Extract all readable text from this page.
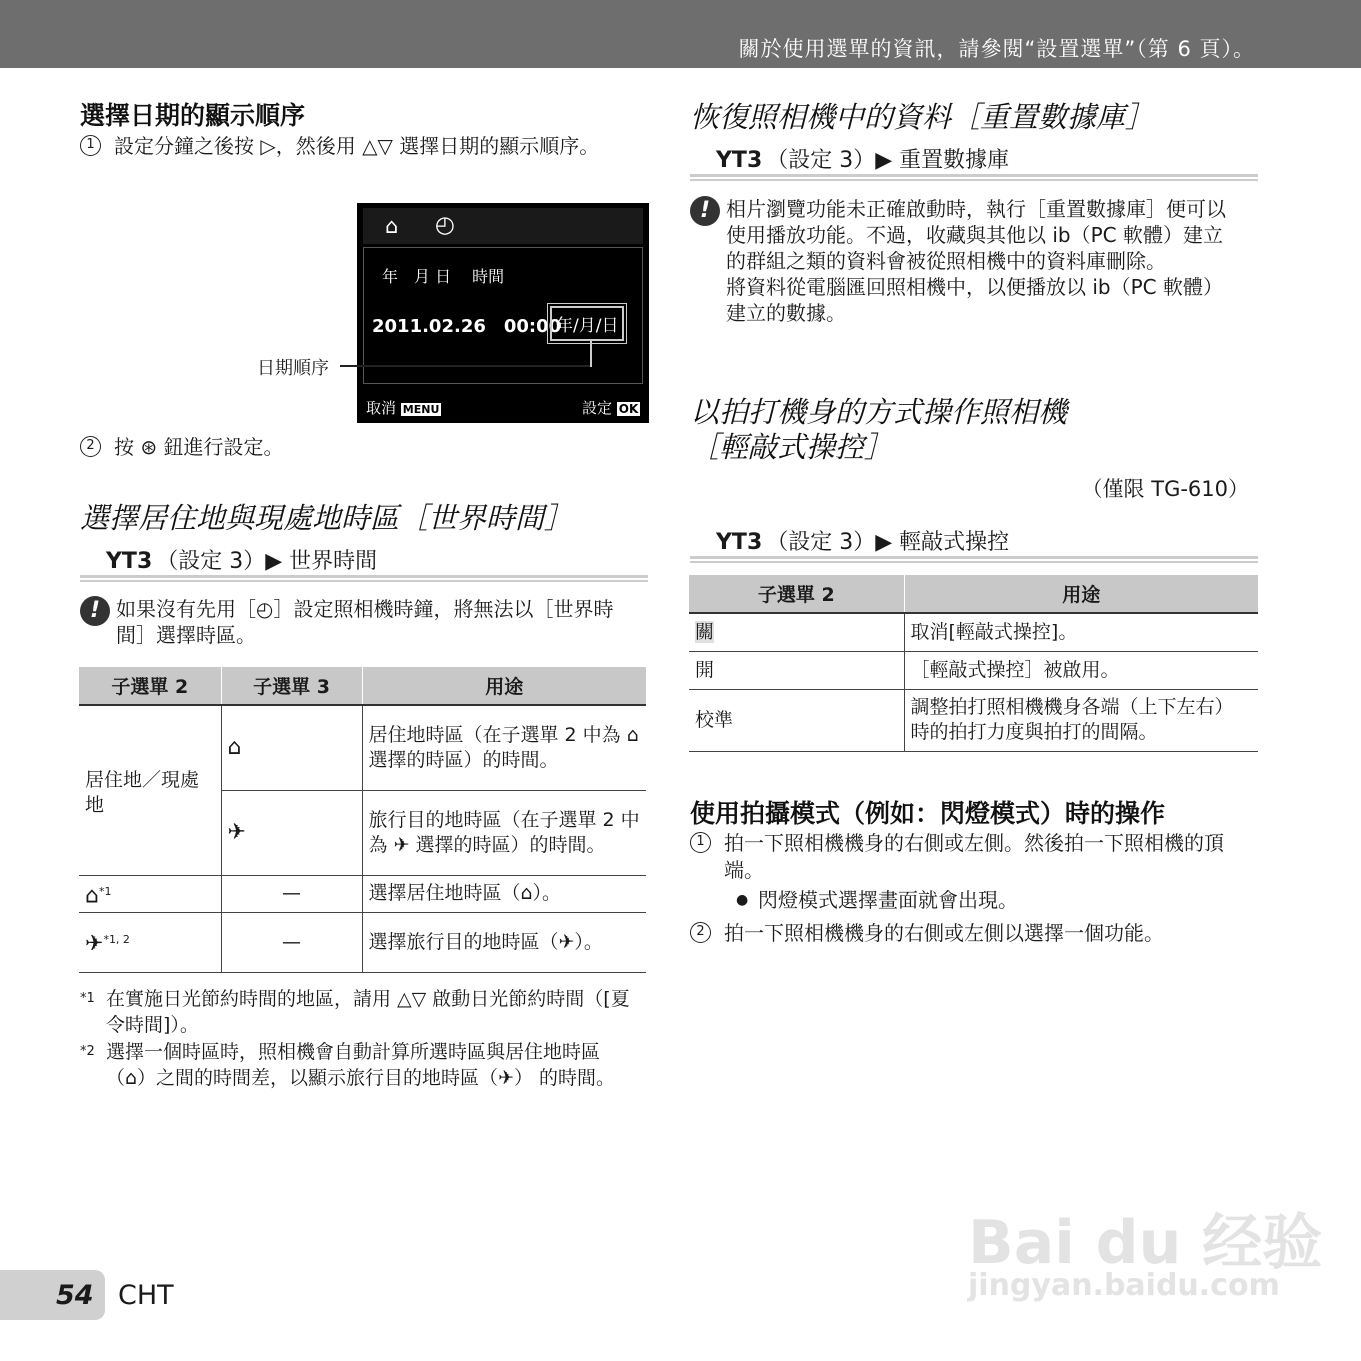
關於使用選單的資訊，請參閱“設置選單”（第 6 頁）。
選擇日期的顯示順序
1 設定分鐘之後按 ▷，然後用 △▽ 選擇日期的顯示順序。
⌂ ◴
年　月 日　 時間
2011.02.26　00:00
年/月/日
取消 MENU	設定 OK
日期順序
2 按 ⊛ 鈕進行設定。
選擇居住地與現處地時區［世界時間］
YT3 （設定 3）▶ 世界時間
! 如果沒有先用［◴］設定照相機時鐘，將無法以［世界時間］選擇時區。
子選單 2	子選單 3	用途
居住地／現處地	⌂	居住地時區（在子選單 2 中為 ⌂ 選擇的時區）的時間。
	✈	旅行目的地時區（在子選單 2 中為 ✈ 選擇的時區）的時間。
⌂$^{*1}$	—	選擇居住地時區（⌂）。
✈$^{*1, 2}$	—	選擇旅行目的地時區（✈）。
*1 在實施日光節約時間的地區，請用 △▽ 啟動日光節約時間（[夏令時間]）。
*2 選擇一個時區時，照相機會自動計算所選時區與居住地時區（⌂）之間的時間差，以顯示旅行目的地時區（✈） 的時間。
恢復照相機中的資料［重置數據庫］
YT3 （設定 3）▶ 重置數據庫
! 相片瀏覽功能未正確啟動時，執行［重置數據庫］便可以使用播放功能。不過，收藏與其他以 ib（PC 軟體）建立的群組之類的資料會被從照相機中的資料庫刪除。
將資料從電腦匯回照相機中，以便播放以 ib（PC 軟體）建立的數據。
以拍打機身的方式操作照相機
［輕敲式操控］
（僅限 TG-610）
YT3 （設定 3）▶ 輕敲式操控
子選單 2	用途
關	取消[輕敲式操控]。
開	［輕敲式操控］被啟用。
校準	調整拍打照相機機身各端（上下左右）時的拍打力度與拍打的間隔。
使用拍攝模式（例如：閃燈模式）時的操作
1 拍一下照相機機身的右側或左側。然後拍一下照相機的頂端。
● 閃燈模式選擇畫面就會出現。
2 拍一下照相機機身的右側或左側以選擇一個功能。
Bai du 经验
jingyan.baidu.com
54 CHT
